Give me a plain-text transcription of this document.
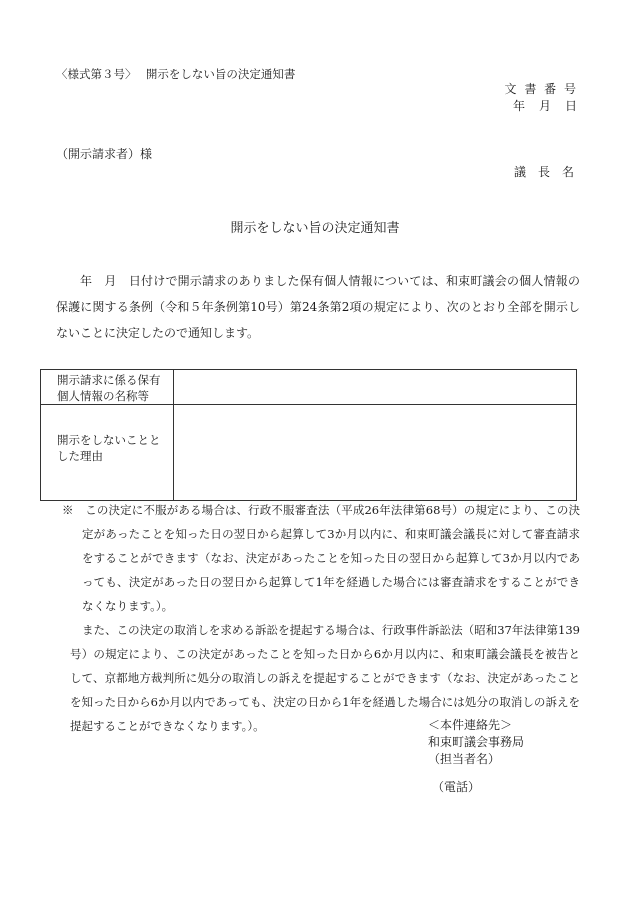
〈様式第３号〉　 開示をしない旨の決定通知書
文 書 番 号
年　月　日
（開示請求者）様
議　長　名
開示をしない旨の決定通知書
年　月　日付けで開示請求のありました保有個人情報については、和束町議会の個人情報の保護に関する条例（令和５年条例第10号）第24条第2項の規定により、次のとおり全部を開示しないことに決定したので通知します。
開示請求に係る保有個人情報の名称等	

開示をしないこととした理由	

※　この決定に不服がある場合は、行政不服審査法（平成26年法律第68号）の規定により、この決定があったことを知った日の翌日から起算して3か月以内に、和束町議会議長に対して審査請求をすることができます（なお、決定があったことを知った日の翌日から起算して3か月以内であっても、決定があった日の翌日から起算して1年を経過した場合には審査請求をすることができなくなります。）。

また、この決定の取消しを求める訴訟を提起する場合は、行政事件訴訟法（昭和37年法律第139号）の規定により、この決定があったことを知った日から6か月以内に、和束町議会議長を被告として、京都地方裁判所に処分の取消しの訴えを提起することができます（なお、決定があったことを知った日から6か月以内であっても、決定の日から1年を経過した場合には処分の取消しの訴えを提起することができなくなります。）。	＜本件連絡先＞
和束町議会事務局
（担当者名）
（電話）
